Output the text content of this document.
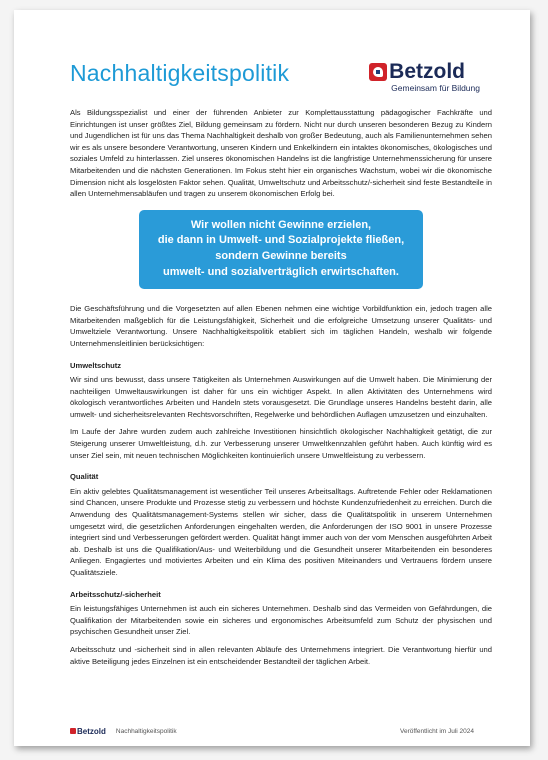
Nachhaltigkeitspolitik	Betzold
Gemeinsam für Bildung

Als Bildungsspezialist und einer der führenden Anbieter zur Komplettausstattung pädagogischer Fachkräfte und Einrichtungen ist unser größtes Ziel, Bildung gemeinsam zu fördern. Nicht nur durch unseren besonderen Bezug zu Kindern und Jugendlichen ist für uns das Thema Nachhaltigkeit deshalb von großer Bedeutung, auch als Familienunternehmen sehen wir es als unsere besondere Verantwortung, unseren Kindern und Enkelkindern ein intaktes ökonomisches, ökologisches und soziales Umfeld zu hinterlassen. Ziel unseres ökonomischen Handelns ist die langfristige Unternehmenssicherung für unsere Mitarbeitenden und die nächsten Generationen. Im Fokus steht hier ein organisches Wachstum, wobei wir die ökonomische Dimension nicht als losgelösten Faktor sehen. Qualität, Umweltschutz und Arbeitsschutz/-sicherheit sind feste Bestandteile in allen Unternehmensabläufen und tragen zu unserem ökonomischen Erfolg bei.

Wir wollen nicht Gewinne erzielen,
die dann in Umwelt- und Sozialprojekte fließen,
sondern Gewinne bereits
umwelt- und sozialverträglich erwirtschaften.

Die Geschäftsführung und die Vorgesetzten auf allen Ebenen nehmen eine wichtige Vorbildfunktion ein, jedoch tragen alle Mitarbeitenden maßgeblich für die Leistungsfähigkeit, Sicherheit und die erfolgreiche Umsetzung unserer Qualitäts- und Umweltziele Verantwortung. Unsere Nachhaltigkeitspolitik etabliert sich im täglichen Handeln, weshalb wir folgende Unternehmensleitlinien berücksichtigen:

Umweltschutz

Wir sind uns bewusst, dass unsere Tätigkeiten als Unternehmen Auswirkungen auf die Umwelt haben. Die Minimierung der nachteiligen Umweltauswirkungen ist daher für uns ein wichtiger Aspekt. In allen Aktivitäten des Unternehmens wird ökologisch verantwortliches Arbeiten und Handeln stets vorausgesetzt. Die Grundlage unseres Handelns besteht darin, alle umwelt- und sicherheitsrelevanten Rechtsvorschriften, Regelwerke und behördlichen Auflagen umzusetzen und einzuhalten.

Im Laufe der Jahre wurden zudem auch zahlreiche Investitionen hinsichtlich ökologischer Nachhaltigkeit getätigt, die zur Steigerung unserer Umweltleistung, d.h. zur Verbesserung unserer Umweltkennzahlen geführt haben. Auch künftig wird es unser Ziel sein, mit neuen technischen Möglichkeiten kontinuierlich unsere Umweltleistung zu verbessern.

Qualität

Ein aktiv gelebtes Qualitätsmanagement ist wesentlicher Teil unseres Arbeitsalltags. Auftretende Fehler oder Reklamationen sind Chancen, unsere Produkte und Prozesse stetig zu verbessern und höchste Kundenzufriedenheit zu erreichen. Durch die Anwendung des Qualitätsmanagement-Systems stellen wir sicher, dass die Qualitätspolitik in unserem Unternehmen umgesetzt wird, die gesetzlichen Anforderungen eingehalten werden, die Anforderungen der ISO 9001 in unsere Prozesse integriert sind und Verbesserungen gefördert werden. Qualität hängt immer auch von der vom Menschen ausgeführten Arbeit ab. Deshalb ist uns die Qualifikation/Aus- und Weiterbildung und die Gesundheit unserer Mitarbeitenden ein besonderes Anliegen. Engagiertes und motiviertes Arbeiten und ein Klima des positiven Miteinanders und Vertrauens fördern unsere Qualitätsziele.

Arbeitsschutz/-sicherheit

Ein leistungsfähiges Unternehmen ist auch ein sicheres Unternehmen. Deshalb sind das Vermeiden von Gefährdungen, die Qualifikation der Mitarbeitenden sowie ein sicheres und ergonomisches Arbeitsumfeld zum Schutz der physischen und psychischen Gesundheit unser Ziel.

Arbeitsschutz und -sicherheit sind in allen relevanten Abläufe des Unternehmens integriert. Die Verantwortung hierfür und aktive Beteiligung jedes Einzelnen ist ein entscheidender Bestandteil der täglichen Arbeit.

Betzold Nachhaltigkeitspolitik	Veröffentlicht im Juli 2024
